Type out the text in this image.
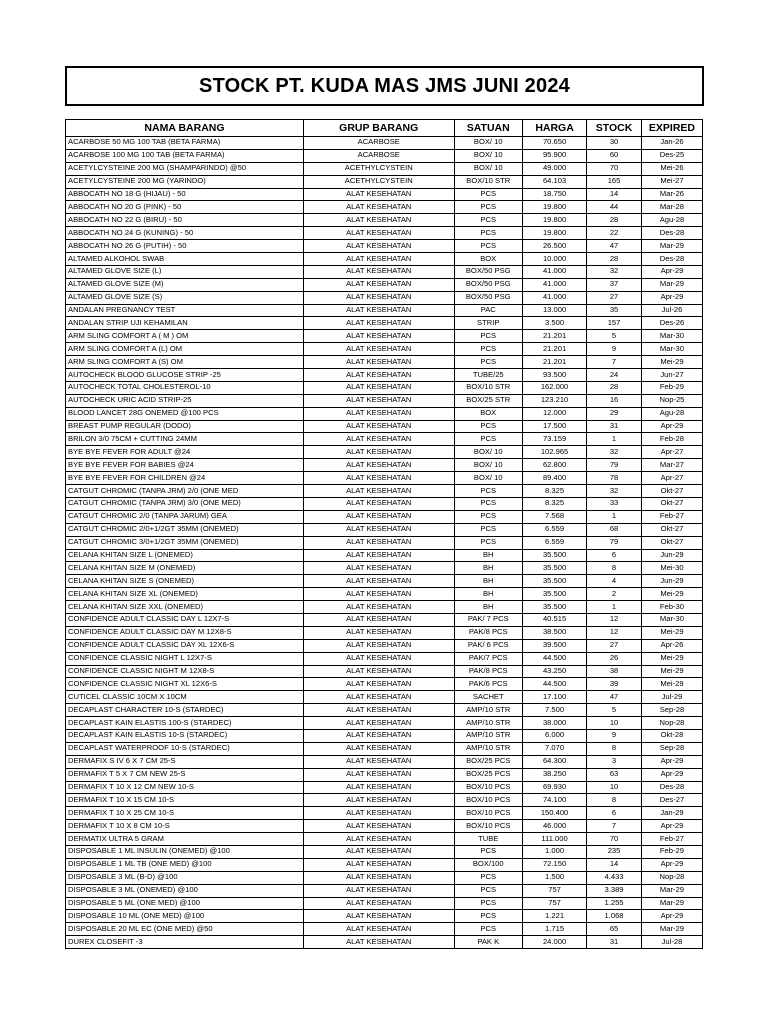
STOCK PT. KUDA MAS JMS JUNI 2024
NAMA BARANG	GRUP BARANG	SATUAN	HARGA	STOCK	EXPIRED
ACARBOSE 50 MG 100 TAB (BETA FARMA)	ACARBOSE	BOX/ 10	70.650	30	Jan-26
ACARBOSE 100 MG 100 TAB (BETA FARMA)	ACARBOSE	BOX/ 10	95.900	60	Des-25
ACETYLCYSTEINE 200 MG (SHAMPARINDO) @50	ACETHYLCYSTEIN	BOX/ 10	49.000	70	Mei-26
ACETYLCYSTEINE 200 MG (YARINDO)	ACETHYLCYSTEIN	BOX/10 STR	64.103	165	Mei-27
ABBOCATH NO 18 G (HIJAU) - 50	ALAT KESEHATAN	PCS	18.750	14	Mar-26
ABBOCATH NO 20 G (PINK) - 50	ALAT KESEHATAN	PCS	19.800	44	Mar-28
ABBOCATH NO 22 G (BIRU) - 50	ALAT KESEHATAN	PCS	19.800	28	Agu-28
ABBOCATH NO 24 G (KUNING) - 50	ALAT KESEHATAN	PCS	19.800	22	Des-28
ABBOCATH NO 26 G (PUTIH) - 50	ALAT KESEHATAN	PCS	26.500	47	Mar-29
ALTAMED ALKOHOL SWAB	ALAT KESEHATAN	BOX	10.000	28	Des-28
ALTAMED GLOVE SIZE (L)	ALAT KESEHATAN	BOX/50 PSG	41.000	32	Apr-29
ALTAMED GLOVE SIZE (M)	ALAT KESEHATAN	BOX/50 PSG	41.000	37	Mar-29
ALTAMED GLOVE SIZE (S)	ALAT KESEHATAN	BOX/50 PSG	41.000	27	Apr-29
ANDALAN PREGNANCY TEST	ALAT KESEHATAN	PAC	13.000	35	Jul-26
ANDALAN STRIP UJI KEHAMILAN	ALAT KESEHATAN	STRIP	3.500	157	Des-26
ARM SLING COMFORT A ( M ) OM	ALAT KESEHATAN	PCS	21.201	5	Mar-30
ARM SLING COMFORT A (L) OM	ALAT KESEHATAN	PCS	21.201	9	Mar-30
ARM SLING COMFORT A (S) OM	ALAT KESEHATAN	PCS	21.201	7	Mei-29
AUTOCHECK BLOOD GLUCOSE STRIP -25	ALAT KESEHATAN	TUBE/25	93.500	24	Jun-27
AUTOCHECK TOTAL CHOLESTEROL-10	ALAT KESEHATAN	BOX/10 STR	162.000	28	Feb-29
AUTOCHECK URIC ACID STRIP-25	ALAT KESEHATAN	BOX/25 STR	123.210	16	Nop-25
BLOOD LANCET 28G ONEMED @100 PCS	ALAT KESEHATAN	BOX	12.000	29	Agu-28
BREAST PUMP REGULAR (DODO)	ALAT KESEHATAN	PCS	17.500	31	Apr-29
BRILON 3/0 75CM + CUTTING 24MM	ALAT KESEHATAN	PCS	73.159	1	Feb-28
BYE BYE FEVER FOR ADULT @24	ALAT KESEHATAN	BOX/ 10	102.965	32	Apr-27
BYE BYE FEVER FOR BABIES @24	ALAT KESEHATAN	BOX/ 10	62.800	79	Mar-27
BYE BYE FEVER FOR CHILDREN @24	ALAT KESEHATAN	BOX/ 10	89.400	78	Apr-27
CATGUT CHROMIC (TANPA JRM) 2/0 (ONE MED	ALAT KESEHATAN	PCS	8.325	32	Okt-27
CATGUT CHROMIC (TANPA JRM) 3/0 (ONE MED)	ALAT KESEHATAN	PCS	8.325	33	Okt-27
CATGUT CHROMIC 2/0 (TANPA JARUM) GEA	ALAT KESEHATAN	PCS	7.568	1	Feb-27
CATGUT CHROMIC 2/0+1/2GT 35MM (ONEMED)	ALAT KESEHATAN	PCS	6.559	68	Okt-27
CATGUT CHROMIC 3/0+1/2GT 35MM (ONEMED)	ALAT KESEHATAN	PCS	6.559	79	Okt-27
CELANA KHITAN SIZE L (ONEMED)	ALAT KESEHATAN	BH	35.500	6	Jun-29
CELANA KHITAN SIZE M (ONEMED)	ALAT KESEHATAN	BH	35.500	8	Mei-30
CELANA KHITAN SIZE S (ONEMED)	ALAT KESEHATAN	BH	35.500	4	Jun-29
CELANA KHITAN SIZE XL (ONEMED)	ALAT KESEHATAN	BH	35.500	2	Mei-29
CELANA KHITAN SIZE XXL (ONEMED)	ALAT KESEHATAN	BH	35.500	1	Feb-30
CONFIDENCE ADULT CLASSIC DAY L 12X7-S	ALAT KESEHATAN	PAK/ 7 PCS	40.515	12	Mar-30
CONFIDENCE ADULT CLASSIC DAY M 12X8-S	ALAT KESEHATAN	PAK/8 PCS	38.500	12	Mei-29
CONFIDENCE ADULT CLASSIC DAY XL 12X6-S	ALAT KESEHATAN	PAK/ 6 PCS	39.500	27	Apr-26
CONFIDENCE CLASSIC NIGHT L 12X7-S	ALAT KESEHATAN	PAK/7 PCS	44.500	26	Mei-29
CONFIDENCE CLASSIC NIGHT M 12X8-S	ALAT KESEHATAN	PAK/8 PCS	43.250	38	Mei-29
CONFIDENCE CLASSIC NIGHT XL 12X6-S	ALAT KESEHATAN	PAK/6 PCS	44.500	39	Mei-29
CUTICEL CLASSIC 10CM X 10CM	ALAT KESEHATAN	SACHET	17.100	47	Jul-29
DECAPLAST CHARACTER 10-S (STARDEC)	ALAT KESEHATAN	AMP/10 STR	7.500	5	Sep-28
DECAPLAST KAIN ELASTIS 100-S (STARDEC)	ALAT KESEHATAN	AMP/10 STR	38.000	10	Nop-28
DECAPLAST KAIN ELASTIS 10-S (STARDEC)	ALAT KESEHATAN	AMP/10 STR	6.000	9	Okt-28
DECAPLAST WATERPROOF 10-S (STARDEC)	ALAT KESEHATAN	AMP/10 STR	7.070	8	Sep-28
DERMAFIX S IV 6 X 7 CM 25-S	ALAT KESEHATAN	BOX/25 PCS	64.300	3	Apr-29
DERMAFIX T 5 X 7 CM NEW 25-S	ALAT KESEHATAN	BOX/25 PCS	38.250	63	Apr-29
DERMAFIX T 10 X 12 CM NEW 10-S	ALAT KESEHATAN	BOX/10 PCS	69.930	10	Des-28
DERMAFIX T 10 X 15 CM 10-S	ALAT KESEHATAN	BOX/10 PCS	74.100	8	Des-27
DERMAFIX T 10 X 25 CM 10-S	ALAT KESEHATAN	BOX/10 PCS	150.400	6	Jan-29
DERMAFIX T 10 X 8 CM 10-S	ALAT KESEHATAN	BOX/10 PCS	46.000	7	Apr-29
DERMATIX ULTRA 5 GRAM	ALAT KESEHATAN	TUBE	111.000	70	Feb-27
DISPOSABLE 1 ML INSULIN (ONEMED) @100	ALAT KESEHATAN	PCS	1.000	235	Feb-29
DISPOSABLE 1 ML TB (ONE MED) @100	ALAT KESEHATAN	BOX/100	72.150	14	Apr-29
DISPOSABLE 3 ML (B-D) @100	ALAT KESEHATAN	PCS	1.500	4.433	Nop-28
DISPOSABLE 3 ML (ONEMED) @100	ALAT KESEHATAN	PCS	757	3.389	Mar-29
DISPOSABLE 5 ML (ONE MED) @100	ALAT KESEHATAN	PCS	757	1.255	Mar-29
DISPOSABLE 10 ML (ONE MED) @100	ALAT KESEHATAN	PCS	1.221	1.068	Apr-29
DISPOSABLE 20 ML EC (ONE MED) @50	ALAT KESEHATAN	PCS	1.715	65	Mar-29
DUREX CLOSEFIT -3	ALAT KESEHATAN	PAK K	24.000	31	Jul-28
